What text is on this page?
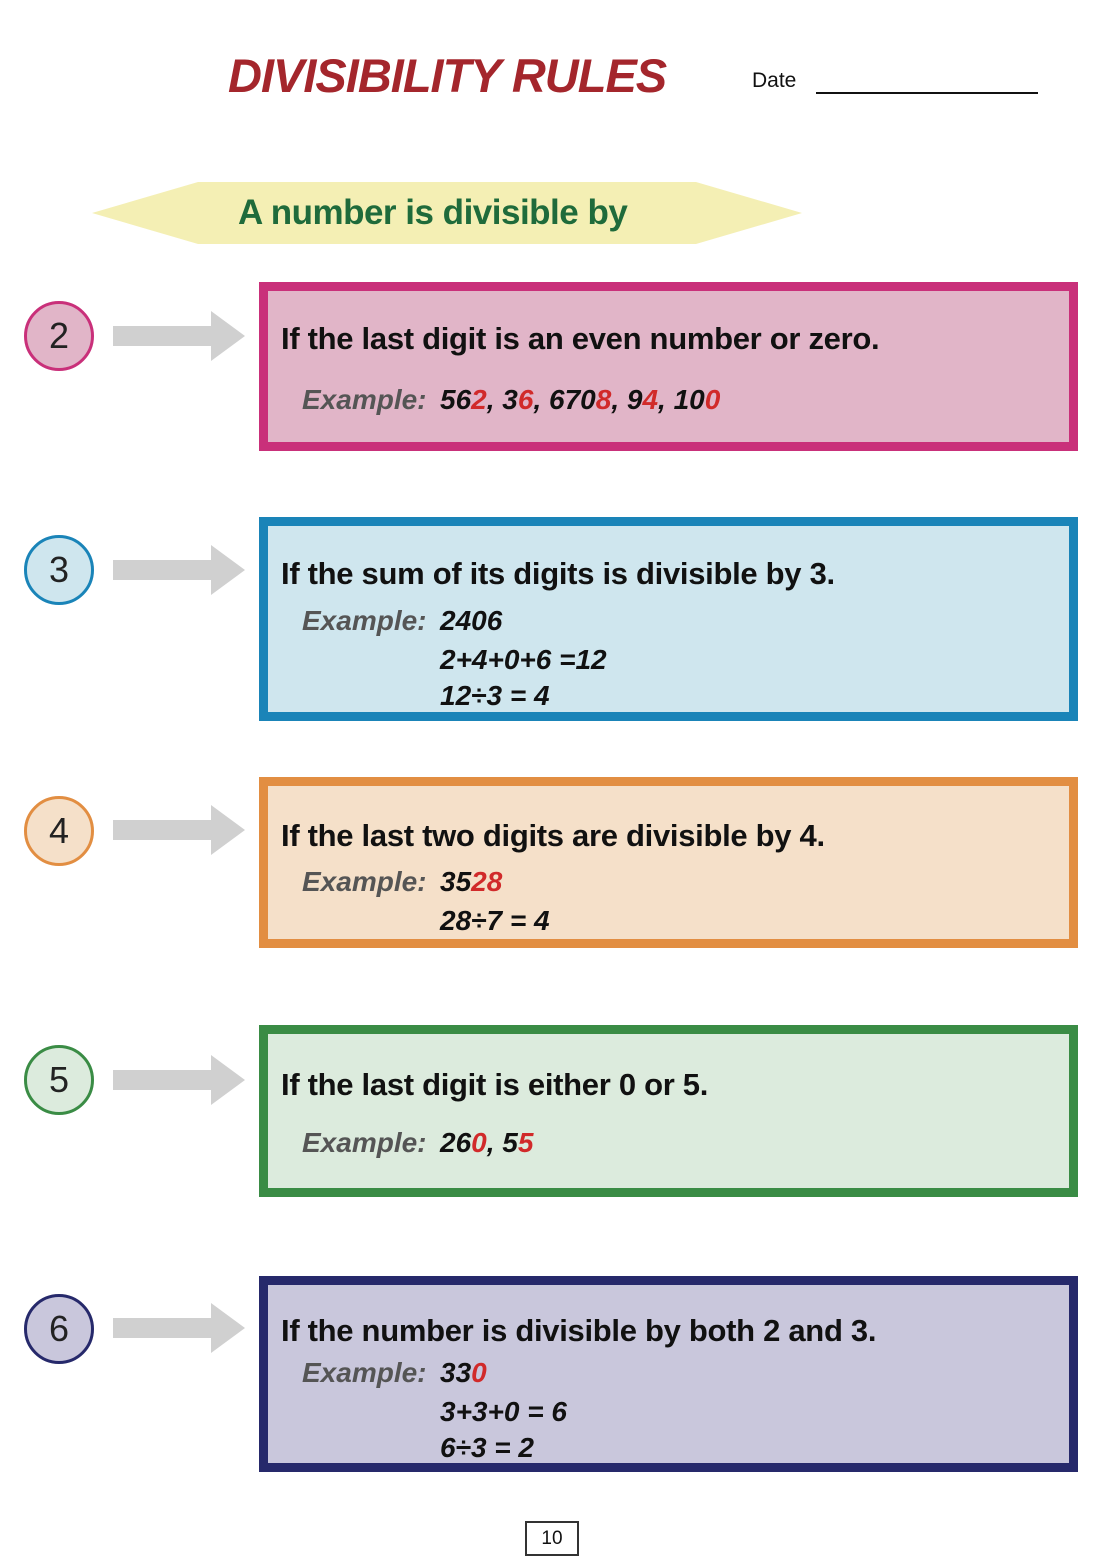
DIVISIBILITY RULES	Date
A number is divisible by
2	If the last digit is an even number or zero.
Example: 562, 36, 6708, 94, 100
3	If the sum of its digits is divisible by 3.
Example: 2406
2+4+0+6 =12
12÷3 = 4
4	If the last two digits are divisible by 4.
Example: 3528
28÷7 = 4
5	If the last digit is either 0 or 5.
Example: 260, 55
6	If the number is divisible by both 2 and 3.
Example: 330
3+3+0 = 6
6÷3 = 2
10
